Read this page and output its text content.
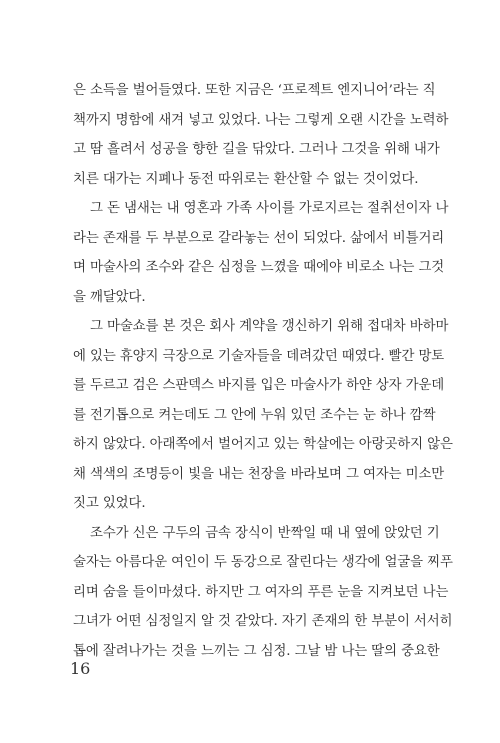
은 소득을 벌어들였다. 또한 지금은 ‘프로젝트 엔지니어’라는 직
책까지 명함에 새겨 넣고 있었다. 나는 그렇게 오랜 시간을 노력하
고 땀 흘려서 성공을 향한 길을 닦았다. 그러나 그것을 위해 내가
치른 대가는 지폐나 동전 따위로는 환산할 수 없는 것이었다.
그 돈 냄새는 내 영혼과 가족 사이를 가로지르는 절취선이자 나
라는 존재를 두 부분으로 갈라놓는 선이 되었다. 삶에서 비틀거리
며 마술사의 조수와 같은 심정을 느꼈을 때에야 비로소 나는 그것
을 깨달았다.
그 마술쇼를 본 것은 회사 계약을 갱신하기 위해 접대차 바하마
에 있는 휴양지 극장으로 기술자들을 데려갔던 때였다. 빨간 망토
를 두르고 검은 스판덱스 바지를 입은 마술사가 하얀 상자 가운데
를 전기톱으로 켜는데도 그 안에 누워 있던 조수는 눈 하나 깜짝
하지 않았다. 아래쪽에서 벌어지고 있는 학살에는 아랑곳하지 않은
채 색색의 조명등이 빛을 내는 천장을 바라보며 그 여자는 미소만
짓고 있었다.
조수가 신은 구두의 금속 장식이 반짝일 때 내 옆에 앉았던 기
술자는 아름다운 여인이 두 동강으로 잘린다는 생각에 얼굴을 찌푸
리며 숨을 들이마셨다. 하지만 그 여자의 푸른 눈을 지켜보던 나는
그녀가 어떤 심정일지 알 것 같았다. 자기 존재의 한 부분이 서서히
톱에 잘려나가는 것을 느끼는 그 심정. 그날 밤 나는 딸의 중요한
16
